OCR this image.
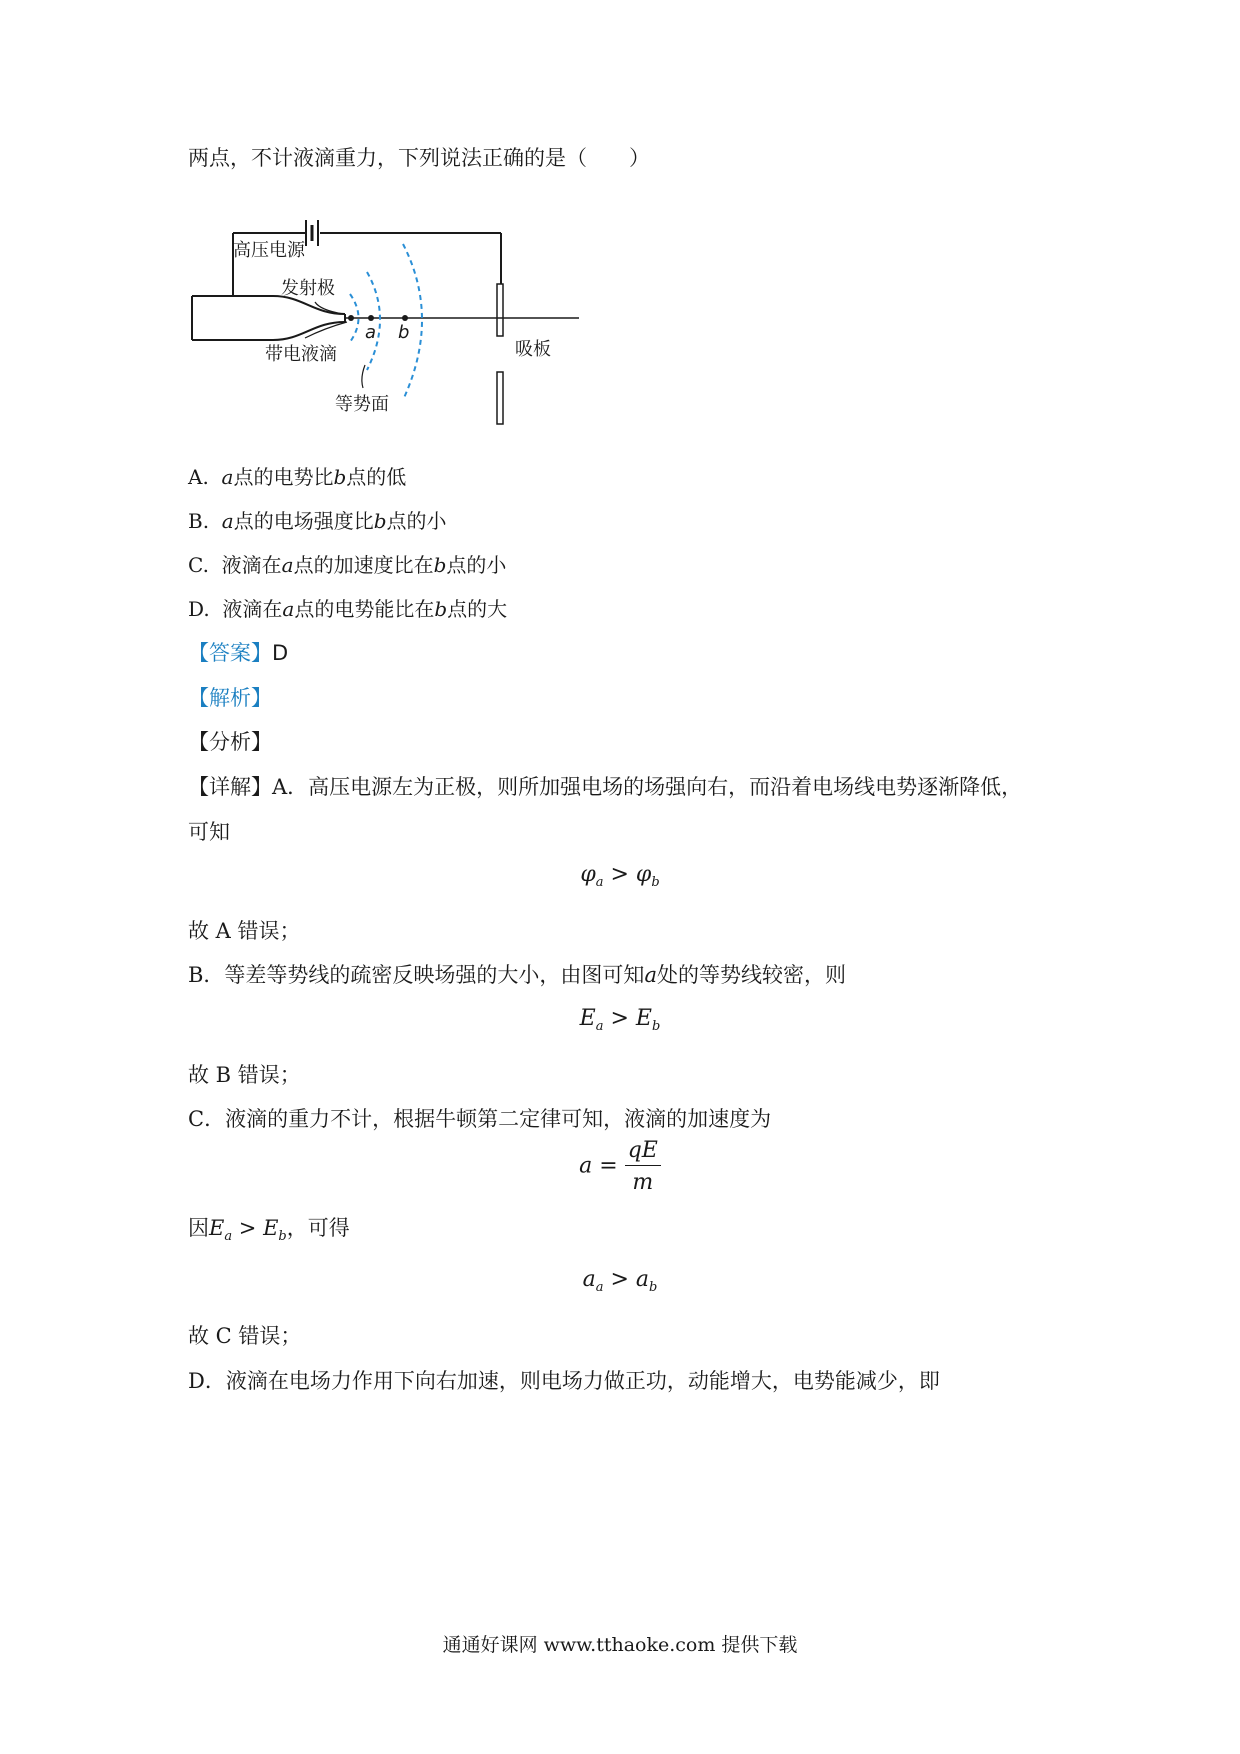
两点，不计液滴重力，下列说法正确的是（　　）
高压电源
发射极
带电液滴
等势面
吸板
a b
A. a点的电势比b点的低
B. a点的电场强度比b点的小
C. 液滴在a点的加速度比在b点的小
D. 液滴在a点的电势能比在b点的大
【答案】D
【解析】
【分析】
【详解】A．高压电源左为正极，则所加强电场的场强向右，而沿着电场线电势逐渐降低，
可知
$\varphi_a > \varphi_b$
故 A 错误；
B．等差等势线的疏密反映场强的大小，由图可知a处的等势线较密，则
$E_a > E_b$
故 B 错误；
C．液滴的重力不计，根据牛顿第二定律可知，液滴的加速度为
$a = \frac{qE}{m}$
因$E_a > E_b$，可得
$a_a > a_b$
故 C 错误；
D．液滴在电场力作用下向右加速，则电场力做正功，动能增大，电势能减少，即
通通好课网 www.tthaoke.com 提供下载
